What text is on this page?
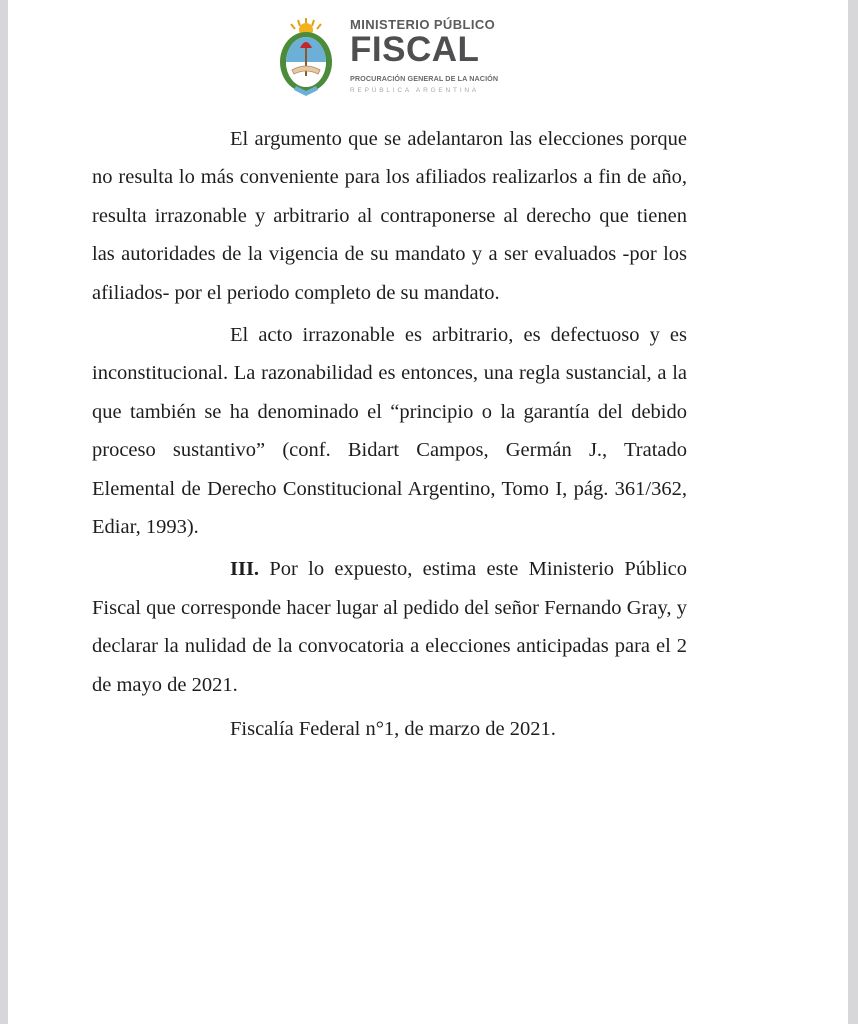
MINISTERIO PÚBLICO
FISCAL
PROCURACIÓN GENERAL DE LA NACIÓN
REPÚBLICA ARGENTINA

El argumento que se adelantaron las elecciones porque no resulta lo más conveniente para los afiliados realizarlos a fin de año, resulta irrazonable y arbitrario al contraponerse al derecho que tienen las autoridades de la vigencia de su mandato y a ser evaluados -por los afiliados- por el periodo completo de su mandato.

El acto irrazonable es arbitrario, es defectuoso y es inconstitucional. La razonabilidad es entonces, una regla sustancial, a la que también se ha denominado el “principio o la garantía del debido proceso sustantivo” (conf. Bidart Campos, Germán J., Tratado Elemental de Derecho Constitucional Argentino, Tomo I, pág. 361/362, Ediar, 1993).

III. Por lo expuesto, estima este Ministerio Público Fiscal que corresponde hacer lugar al pedido del señor Fernando Gray, y declarar la nulidad de la convocatoria a elecciones anticipadas para el 2 de mayo de 2021.

Fiscalía Federal n°1, de marzo de 2021.
